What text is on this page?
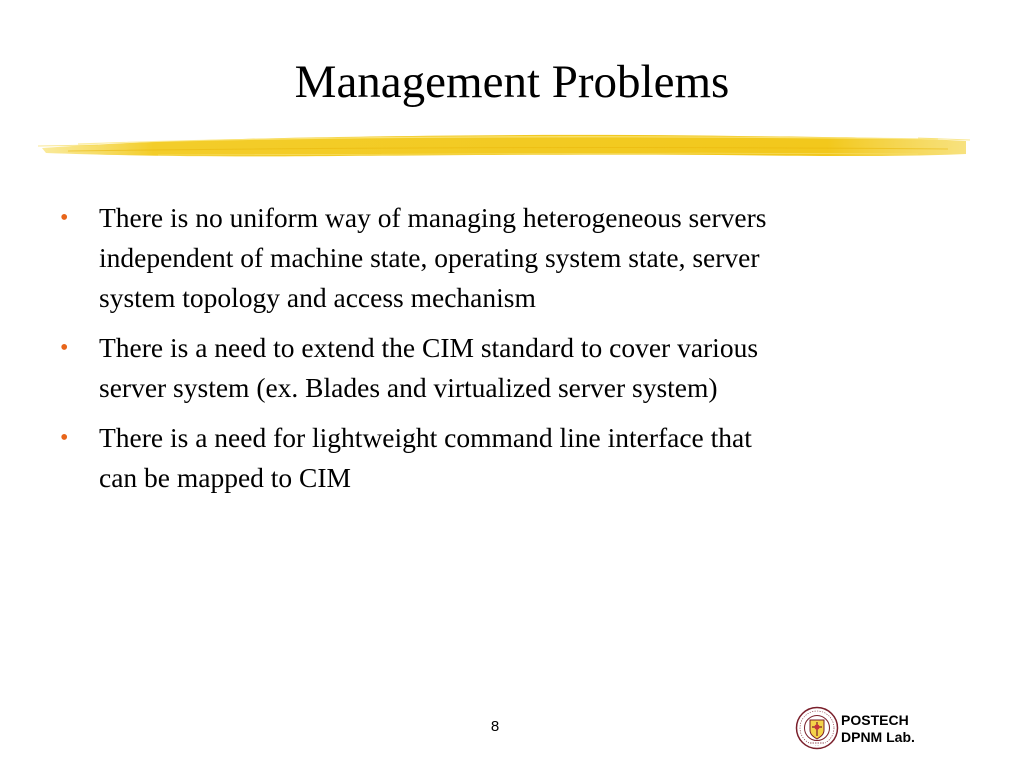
Management Problems
• There is no uniform way of managing heterogeneous servers
independent of machine state, operating system state, server
system topology and access mechanism
• There is a need to extend the CIM standard to cover various
server system (ex. Blades and virtualized server system)
• There is a need for lightweight command line interface that
can be mapped to CIM
8	POSTECH
DPNM Lab.
